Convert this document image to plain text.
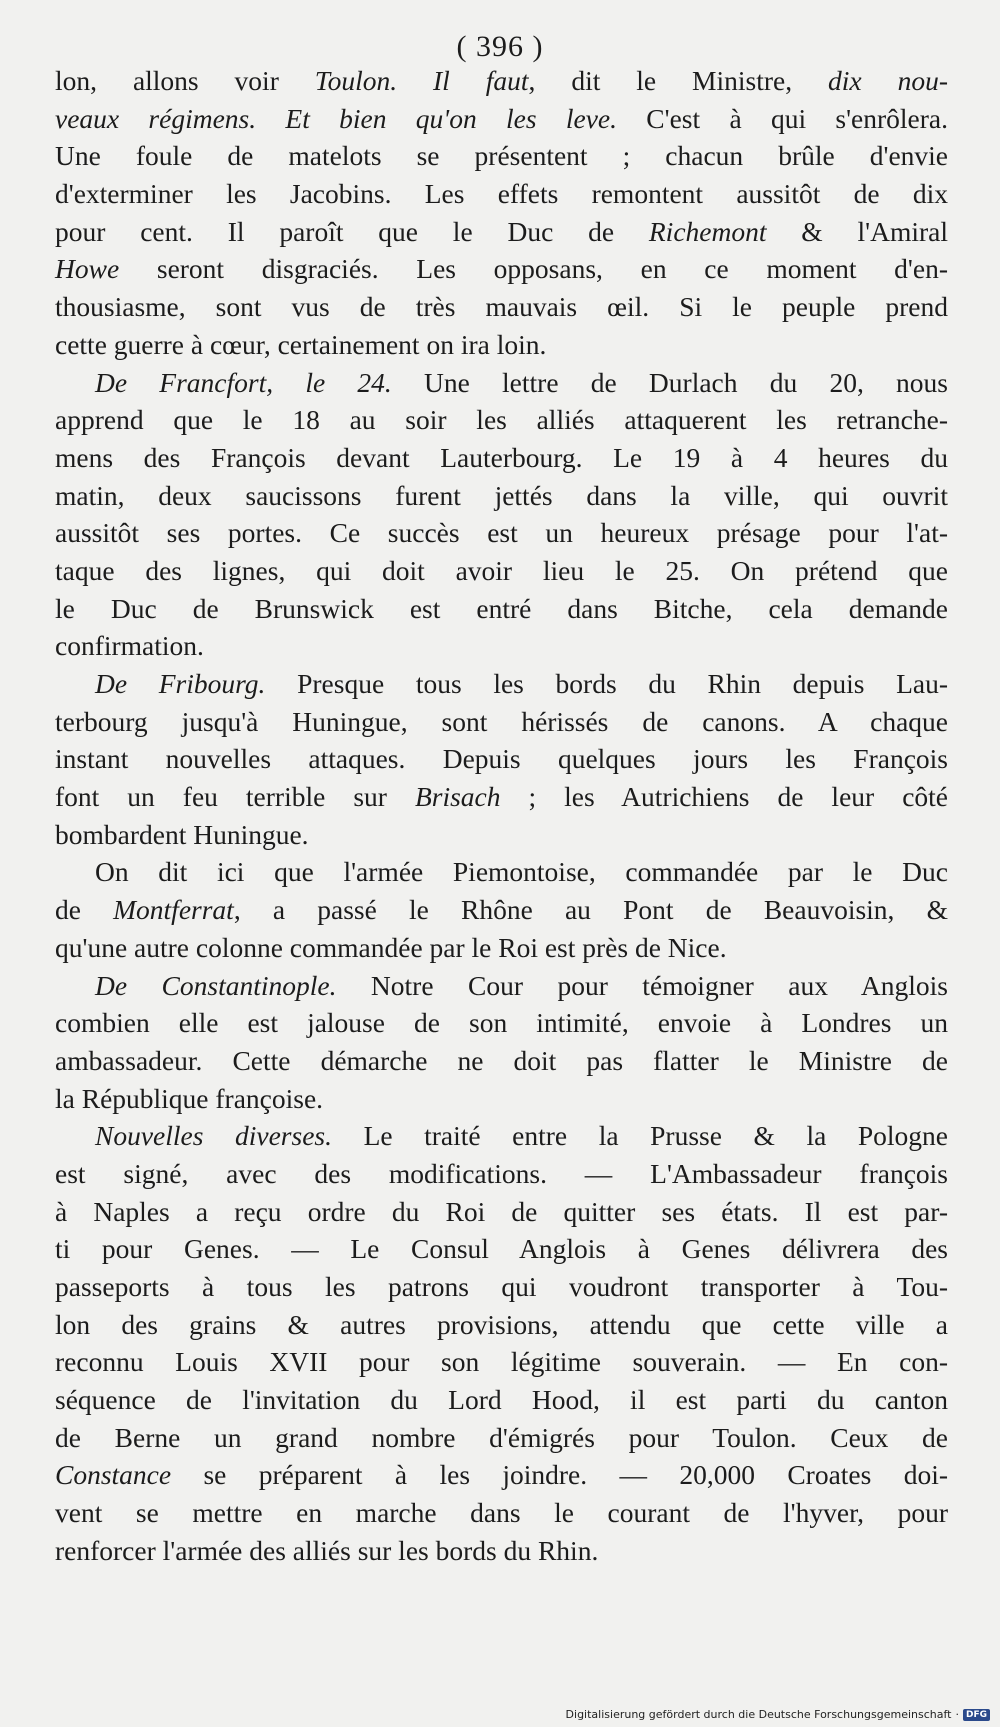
( 396 )
lon, allons voir Toulon. Il faut, dit le Ministre, dix nou-
veaux régimens. Et bien qu'on les leve. C'est à qui s'enrôlera.
Une foule de matelots se présentent ; chacun brûle d'envie
d'exterminer les Jacobins. Les effets remontent aussitôt de dix
pour cent. Il paroît que le Duc de Richemont & l'Amiral
Howe seront disgraciés. Les opposans, en ce moment d'en-
thousiasme, sont vus de très mauvais œil. Si le peuple prend
cette guerre à cœur, certainement on ira loin.
De Francfort, le 24. Une lettre de Durlach du 20, nous
apprend que le 18 au soir les alliés attaquerent les retranche-
mens des François devant Lauterbourg. Le 19 à 4 heures du
matin, deux saucissons furent jettés dans la ville, qui ouvrit
aussitôt ses portes. Ce succès est un heureux présage pour l'at-
taque des lignes, qui doit avoir lieu le 25. On prétend que
le Duc de Brunswick est entré dans Bitche, cela demande
confirmation.
De Fribourg. Presque tous les bords du Rhin depuis Lau-
terbourg jusqu'à Huningue, sont hérissés de canons. A chaque
instant nouvelles attaques. Depuis quelques jours les François
font un feu terrible sur Brisach ; les Autrichiens de leur côté
bombardent Huningue.
On dit ici que l'armée Piemontoise, commandée par le Duc
de Montferrat, a passé le Rhône au Pont de Beauvoisin, &
qu'une autre colonne commandée par le Roi est près de Nice.
De Constantinople. Notre Cour pour témoigner aux Anglois
combien elle est jalouse de son intimité, envoie à Londres un
ambassadeur. Cette démarche ne doit pas flatter le Ministre de
la République françoise.
Nouvelles diverses. Le traité entre la Prusse & la Pologne
est signé, avec des modifications. — L'Ambassadeur françois
à Naples a reçu ordre du Roi de quitter ses états. Il est par-
ti pour Genes. — Le Consul Anglois à Genes délivrera des
passeports à tous les patrons qui voudront transporter à Tou-
lon des grains & autres provisions, attendu que cette ville a
reconnu Louis XVII pour son légitime souverain. — En con-
séquence de l'invitation du Lord Hood, il est parti du canton
de Berne un grand nombre d'émigrés pour Toulon. Ceux de
Constance se préparent à les joindre. — 20,000 Croates doi-
vent se mettre en marche dans le courant de l'hyver, pour
renforcer l'armée des alliés sur les bords du Rhin.
Digitalisierung gefördert durch die Deutsche Forschungsgemeinschaft · DFG
